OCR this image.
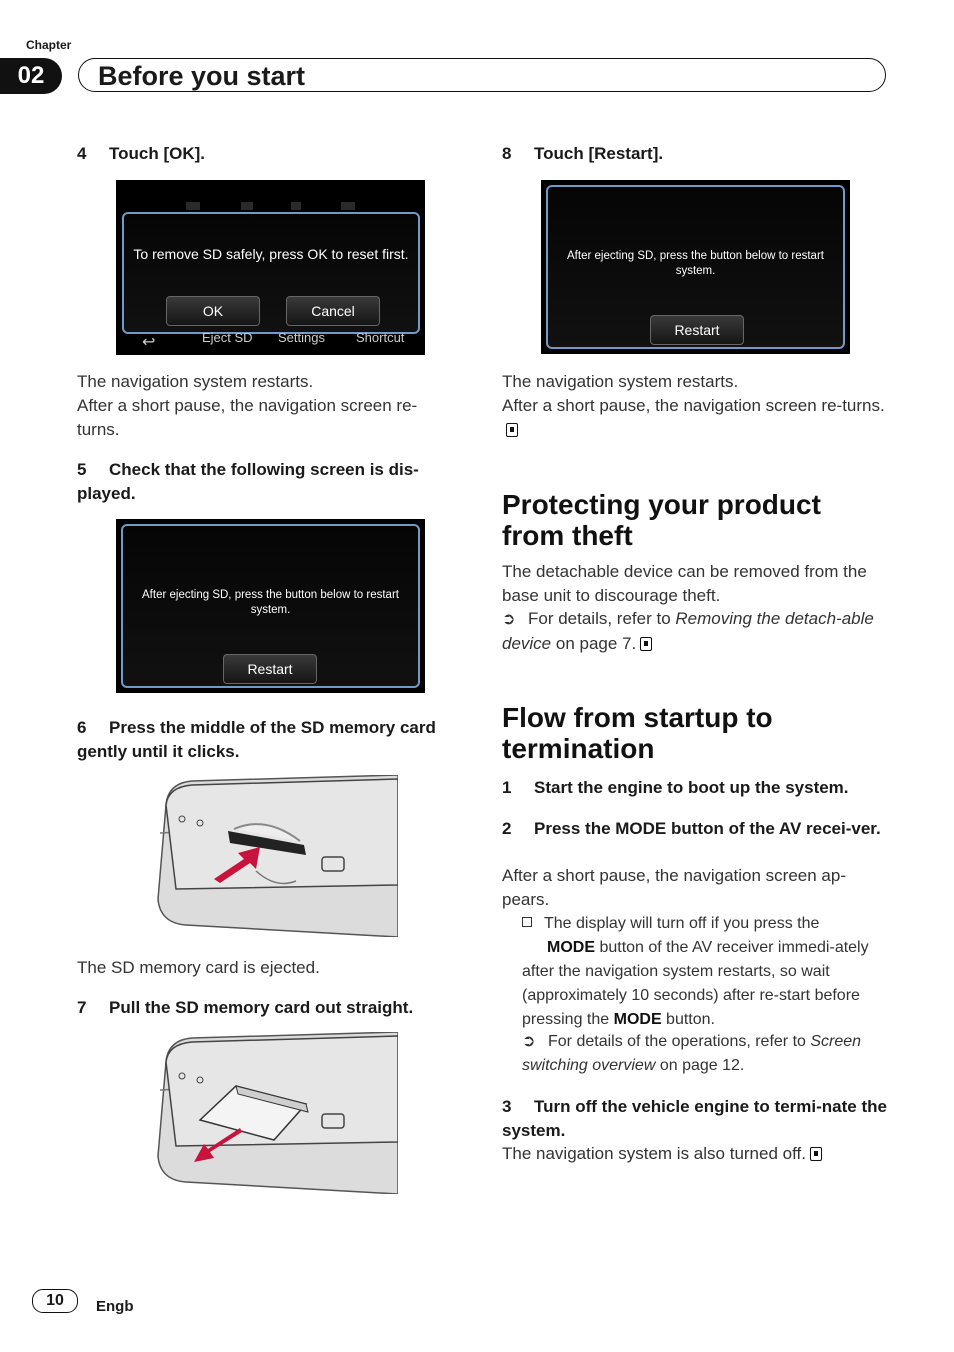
Chapter
02	Before you start
4 Touch [OK].
To remove SD safely, press OK to reset first.
OK	Cancel
↩	Eject SD Settings Shortcut
The navigation system restarts.
After a short pause, the navigation screen re-turns.
5 Check that the following screen is dis-played.
After ejecting SD, press the button below to restart system.
Restart
6 Press the middle of the SD memory card gently until it clicks.
The SD memory card is ejected.
7 Pull the SD memory card out straight.
8 Touch [Restart].
After ejecting SD, press the button below to restart system.
Restart
The navigation system restarts.
After a short pause, the navigation screen re-turns.
Protecting your product from theft
The detachable device can be removed from the base unit to discourage theft.
➲ For details, refer to Removing the detach-able device on page 7.
Flow from startup to termination
1 Start the engine to boot up the system.
2 Press the MODE button of the AV recei-ver.
After a short pause, the navigation screen ap-pears.
The display will turn off if you press the
MODE button of the AV receiver immedi-ately after the navigation system restarts, so wait (approximately 10 seconds) after re-start before pressing the MODE button.
➲ For details of the operations, refer to Screen switching overview on page 12.
3 Turn off the vehicle engine to termi-nate the system.
The navigation system is also turned off.
10	Engb
